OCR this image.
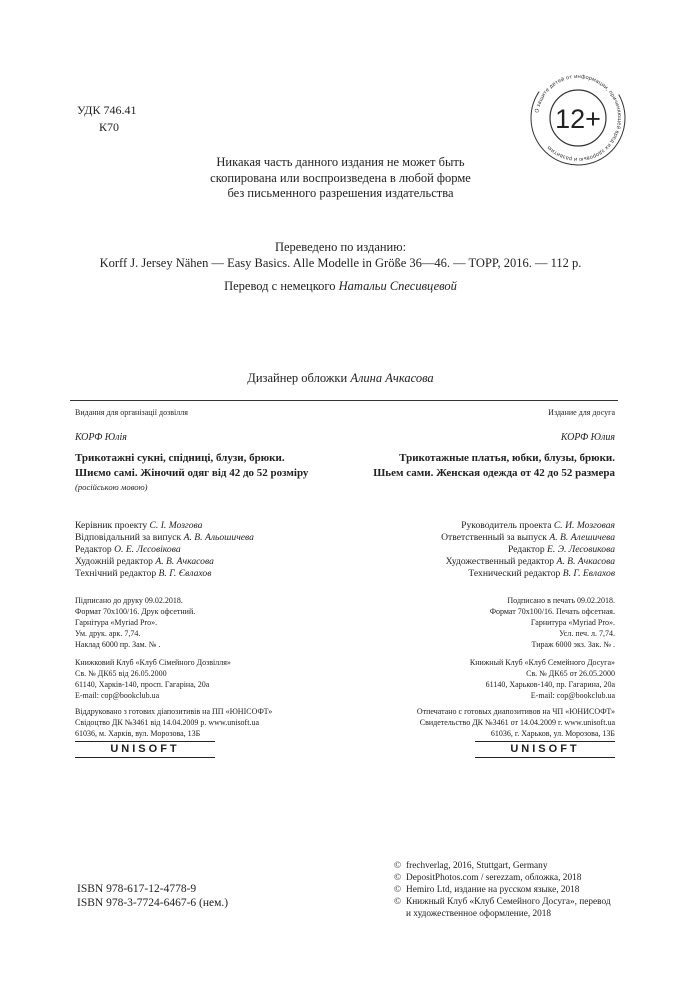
УДК 746.41
К70
О защите детей от информации, причиняющей вред их здоровью и развитию
12+
Никакая часть данного издания не может быть
скопирована или воспроизведена в любой форме
без письменного разрешения издательства
Переведено по изданию:
Korff J. Jersey Nähen — Easy Basics. Alle Modelle in Größe 36—46. — TOPP, 2016. — 112 p.
Перевод с немецкого Натальи Спесивцевой
Дизайнер обложки Алина Ачкасова
Видання для організації дозвілля
КОРФ Юлія
Трикотажні сукні, спідниці, блузи, брюки.
Шиємо самі. Жіночий одяг від 42 до 52 розміру
(російською мовою)
Керівник проекту С. І. Мозгова
Відповідальний за випуск А. В. Альошичева
Редактор О. Е. Лєсовікова
Художній редактор А. В. Ачкасова
Технічний редактор В. Г. Євлахов
Підписано до друку 09.02.2018.
Формат 70х100/16. Друк офсетний.
Гарнітура «Myriad Pro».
Ум. друк. арк. 7,74.
Наклад 6000 пр. Зам. № .
Книжковий Клуб «Клуб Сімейного Дозвілля»
Св. № ДК65 від 26.05.2000
61140, Харків-140, просп. Гагаріна, 20а
E-mail: cop@bookclub.ua
Віддруковано з готових діапозитивів на ПП «ЮНІСОФТ»
Свідоцтво ДК №3461 від 14.04.2009 р. www.unisoft.ua
61036, м. Харків, вул. Морозова, 13Б
UNISOFT
Издание для досуга
КОРФ Юлия
Трикотажные платья, юбки, блузы, брюки.
Шьем сами. Женская одежда от 42 до 52 размера
Руководитель проекта С. И. Мозговая
Ответственный за выпуск А. В. Алешичева
Редактор Е. Э. Лесовикова
Художественный редактор А. В. Ачкасова
Технический редактор В. Г. Евлахов
Подписано в печать 09.02.2018.
Формат 70х100/16. Печать офсетная.
Гарнитура «Myriad Pro».
Усл. печ. л. 7,74.
Тираж 6000 экз. Зак. № .
Книжный Клуб «Клуб Семейного Досуга»
Св. № ДК65 от 26.05.2000
61140, Харьков-140, пр. Гагарина, 20а
E-mail: cop@bookclub.ua
Отпечатано с готовых диапозитивов на ЧП «ЮНИСОФТ»
Свидетельство ДК №3461 от 14.04.2009 г. www.unisoft.ua
61036, г. Харьков, ул. Морозова, 13Б
UNISOFT
ISBN 978-617-12-4778-9
ISBN 978-3-7724-6467-6 (нем.)
© frechverlag, 2016, Stuttgart, Germany
© DepositPhotos.com / serezzam, обложка, 2018
© Hemiro Ltd, издание на русском языке, 2018
© Книжный Клуб «Клуб Семейного Досуга», перевод
и художественное оформление, 2018
